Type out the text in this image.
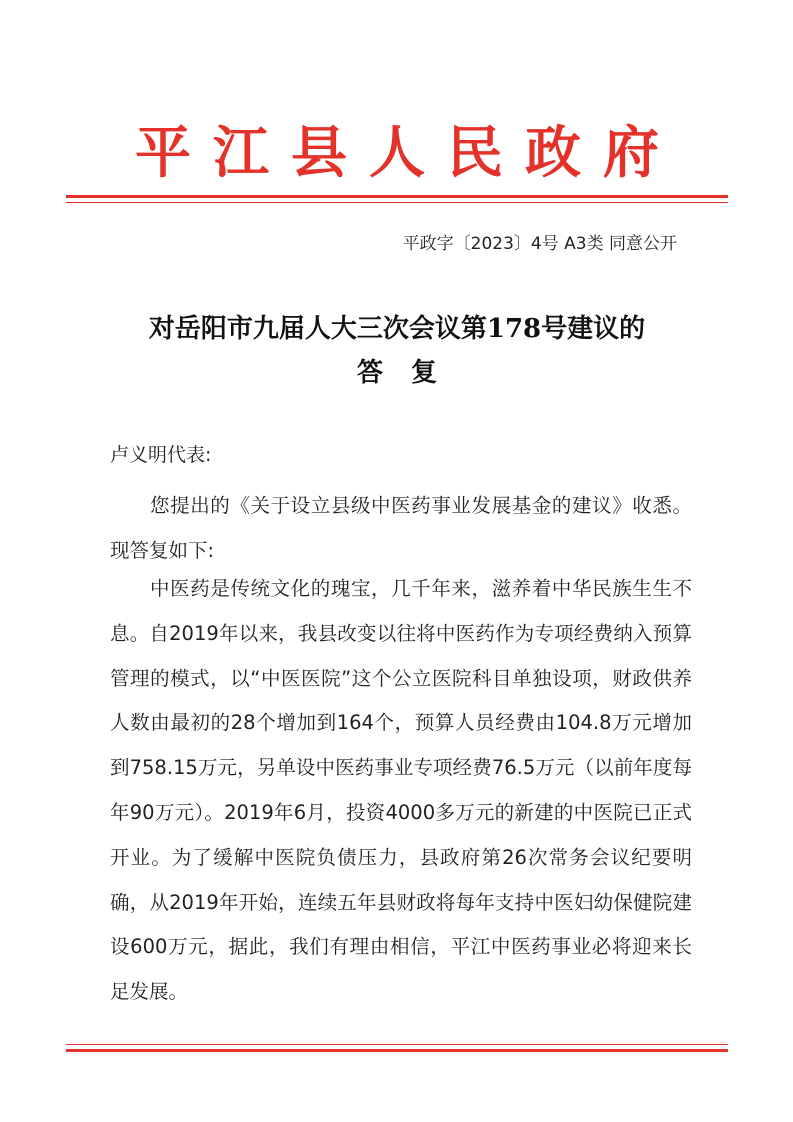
平江县人民政府
平政字〔2023〕4号 A3类 同意公开
对岳阳市九届人大三次会议第178号建议的
答复
卢义明代表:
您提出的《关于设立县级中医药事业发展基金的建议》收悉。现答复如下:
中医药是传统文化的瑰宝，几千年来，滋养着中华民族生生不息。自2019年以来，我县改变以往将中医药作为专项经费纳入预算管理的模式，以“中医医院”这个公立医院科目单独设项，财政供养人数由最初的28个增加到164个，预算人员经费由104.8万元增加到758.15万元，另单设中医药事业专项经费76.5万元（以前年度每年90万元）。2019年6月，投资4000多万元的新建的中医院已正式开业。为了缓解中医院负债压力，县政府第26次常务会议纪要明确，从2019年开始，连续五年县财政将每年支持中医妇幼保健院建设600万元，据此，我们有理由相信，平江中医药事业必将迎来长足发展。
